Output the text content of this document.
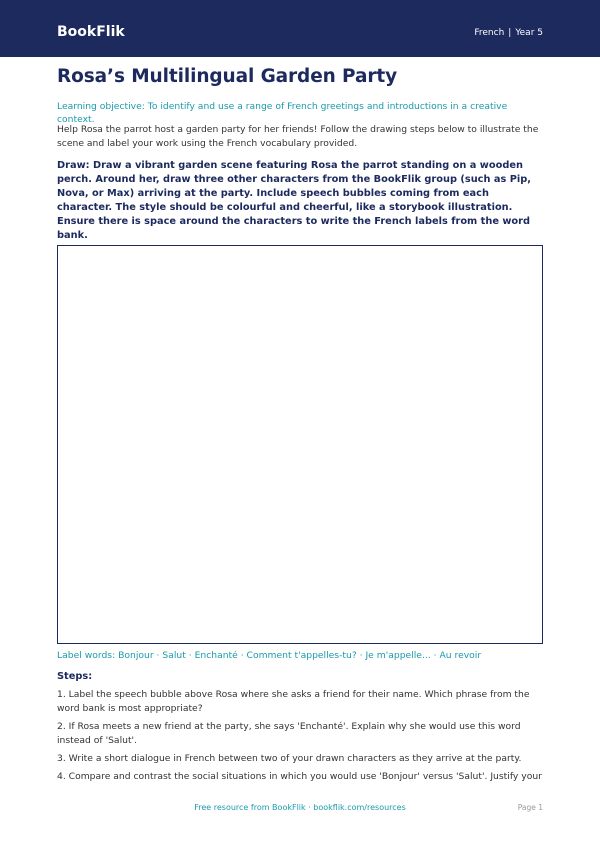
BookFlik	French | Year 5
Rosa’s Multilingual Garden Party
Learning objective: To identify and use a range of French greetings and introductions in a creative context.
Help Rosa the parrot host a garden party for her friends! Follow the drawing steps below to illustrate the scene and label your work using the French vocabulary provided.
Draw: Draw a vibrant garden scene featuring Rosa the parrot standing on a wooden perch. Around her, draw three other characters from the BookFlik group (such as Pip, Nova, or Max) arriving at the party. Include speech bubbles coming from each character. The style should be colourful and cheerful, like a storybook illustration. Ensure there is space around the characters to write the French labels from the word bank.
Label words: Bonjour · Salut · Enchanté · Comment t'appelles-tu? · Je m'appelle... · Au revoir
Steps:
1. Label the speech bubble above Rosa where she asks a friend for their name. Which phrase from the word bank is most appropriate?
2. If Rosa meets a new friend at the party, she says 'Enchanté'. Explain why she would use this word instead of 'Salut'.
3. Write a short dialogue in French between two of your drawn characters as they arrive at the party.
4. Compare and contrast the social situations in which you would use 'Bonjour' versus 'Salut'. Justify your
Free resource from BookFlik · bookflik.com/resources	Page 1
